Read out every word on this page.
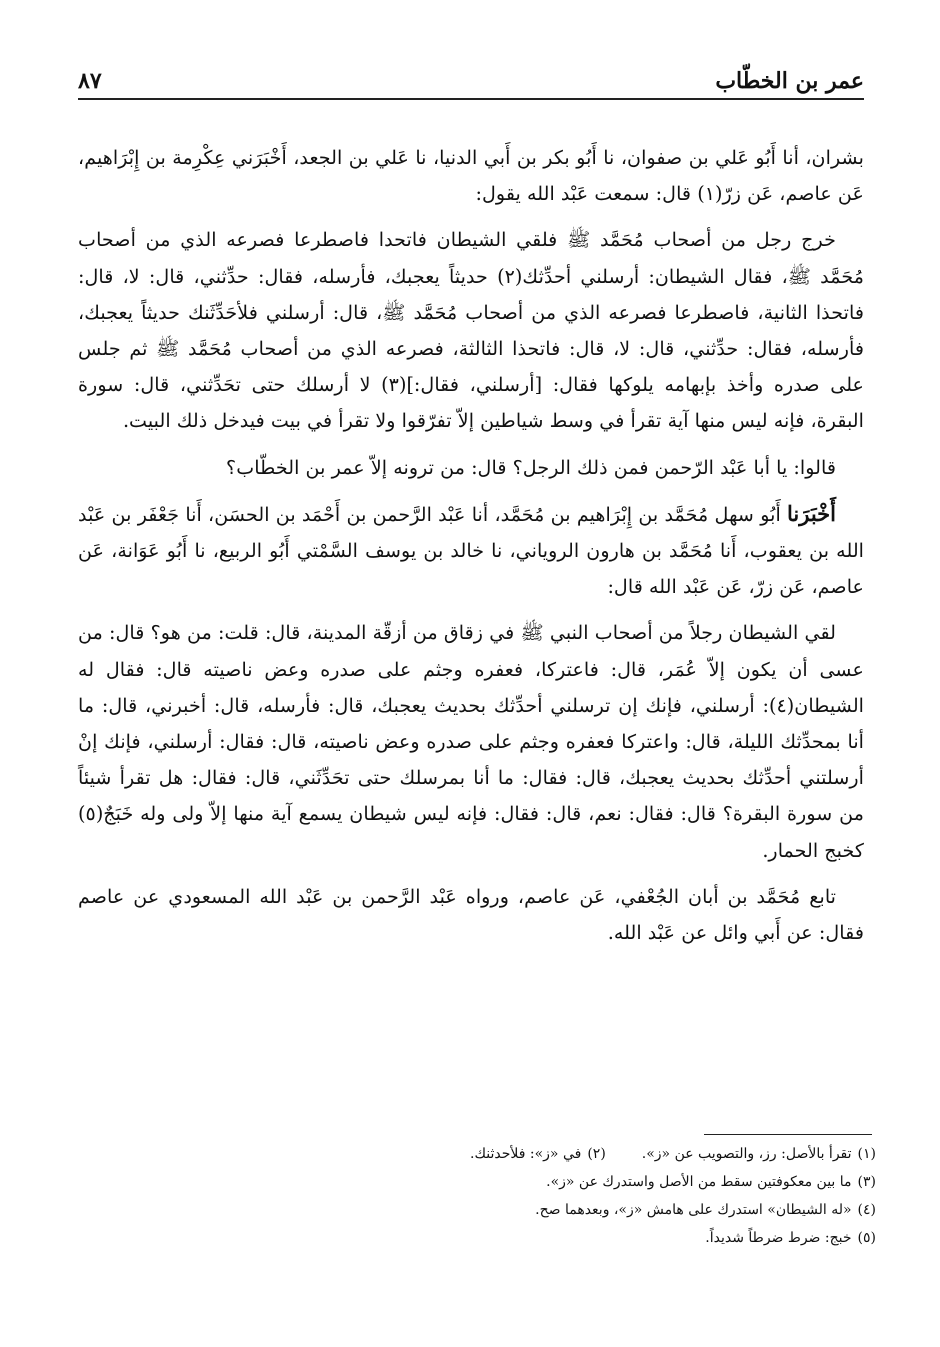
عمر بن الخطّاب
٨٧

بشران، أنا أَبُو عَلي بن صفوان، نا أَبُو بكر بن أَبي الدنيا، نا عَلي بن الجعد، أَخْبَرَني عِكْرِمة بن إِبْرَاهيم، عَن عاصم، عَن زرّ(١) قال: سمعت عَبْد الله يقول:

خرج رجل من أصحاب مُحَمَّد ﷺ فلقي الشيطان فاتحدا فاصطرعا فصرعه الذي من أصحاب مُحَمَّد ﷺ، فقال الشيطان: أرسلني أحدِّثك(٢) حديثاً يعجبك، فأرسله، فقال: حدِّثني، قال: لا، قال: فاتحذا الثانية، فاصطرعا فصرعه الذي من أصحاب مُحَمَّد ﷺ، قال: أرسلني فلأحَدِّثَنك حديثاً يعجبك، فأرسله، فقال: حدِّثني، قال: لا، قال: فاتحذا الثالثة، فصرعه الذي من أصحاب مُحَمَّد ﷺ ثم جلس على صدره وأخذ بإبهامه يلوكها فقال: [أرسلني، فقال:](٣) لا أرسلك حتى تحَدِّثني، قال: سورة البقرة، فإنه ليس منها آية تقرأ في وسط شياطين إلاّ تفرّقوا ولا تقرأ في بيت فيدخل ذلك البيت.

قالوا: يا أبا عَبْد الرّحمن فمن ذلك الرجل؟ قال: من ترونه إلاّ عمر بن الخطّاب؟

أَخْبَرَنا أَبُو سهل مُحَمَّد بن إِبْرَاهيم بن مُحَمَّد، أنا عَبْد الرَّحمن بن أَحْمَد بن الحسَن، أَنا جَعْفَر بن عَبْد الله بن يعقوب، أَنا مُحَمَّد بن هارون الروياني، نا خالد بن يوسف السَّمْتي أَبُو الربيع، نا أَبُو عَوَانة، عَن عاصم، عَن زرّ، عَن عَبْد الله قال:

لقي الشيطان رجلاً من أصحاب النبي ﷺ في زقاق من أزقّة المدينة، قال: قلت: من هو؟ قال: من عسى أن يكون إلاّ عُمَر، قال: فاعتركا، فعفره وجثم على صدره وعض ناصيته قال: فقال له الشيطان(٤): أرسلني، فإنك إن ترسلني أحدِّثك بحديث يعجبك، قال: فأرسله، قال: أخبرني، قال: ما أنا بمحدِّثك الليلة، قال: واعتركا فعفره وجثم على صدره وعض ناصيته، قال: فقال: أرسلني، فإنك إنْ أرسلتني أحدِّثك بحديث يعجبك، قال: فقال: ما أنا بمرسلك حتى تحَدِّثَني، قال: فقال: هل تقرأ شيئاً من سورة البقرة؟ قال: فقال: نعم، قال: فقال: فإنه ليس شيطان يسمع آية منها إلاّ ولى وله خَبَجٌ(٥) كخبج الحمار.

تابع مُحَمَّد بن أبان الجُعْفي، عَن عاصم، ورواه عَبْد الرَّحمن بن عَبْد الله المسعودي عن عاصم فقال: عن أَبي وائل عن عَبْد الله.

(١)تقرأ بالأصل: رز، والتصويب عن «ز».
(٢)في «ز»: فلأحدثنك.
(٣)ما بين معكوفتين سقط من الأصل واستدرك عن «ز».
(٤)«له الشيطان» استدرك على هامش «ز»، وبعدهما صح.
(٥)خبج: ضرط ضرطاً شديداً.
